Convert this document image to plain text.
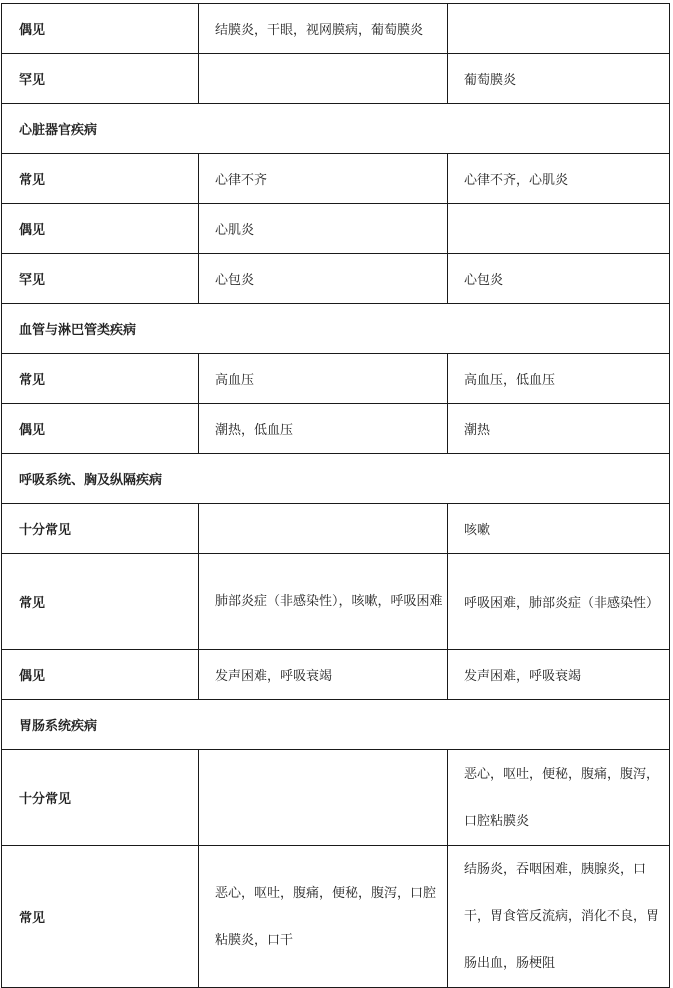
偶见	结膜炎，干眼，视网膜病，葡萄膜炎	
罕见		葡萄膜炎
心脏器官疾病		
常见	心律不齐	心律不齐，心肌炎
偶见	心肌炎	
罕见	心包炎	心包炎
血管与淋巴管类疾病		
常见	高血压	高血压，低血压
偶见	潮热，低血压	潮热
呼吸系统、胸及纵隔疾病		
十分常见		咳嗽
常见	肺部炎症（非感染性），咳嗽，呼吸困难	呼吸困难，肺部炎症（非感染性）
偶见	发声困难，呼吸衰竭	发声困难，呼吸衰竭
胃肠系统疾病		
十分常见		恶心，呕吐，便秘，腹痛，腹泻，口腔粘膜炎
常见	恶心，呕吐，腹痛，便秘，腹泻，口腔粘膜炎，口干	结肠炎，吞咽困难，胰腺炎，口干，胃食管反流病，消化不良，胃肠出血，肠梗阻
